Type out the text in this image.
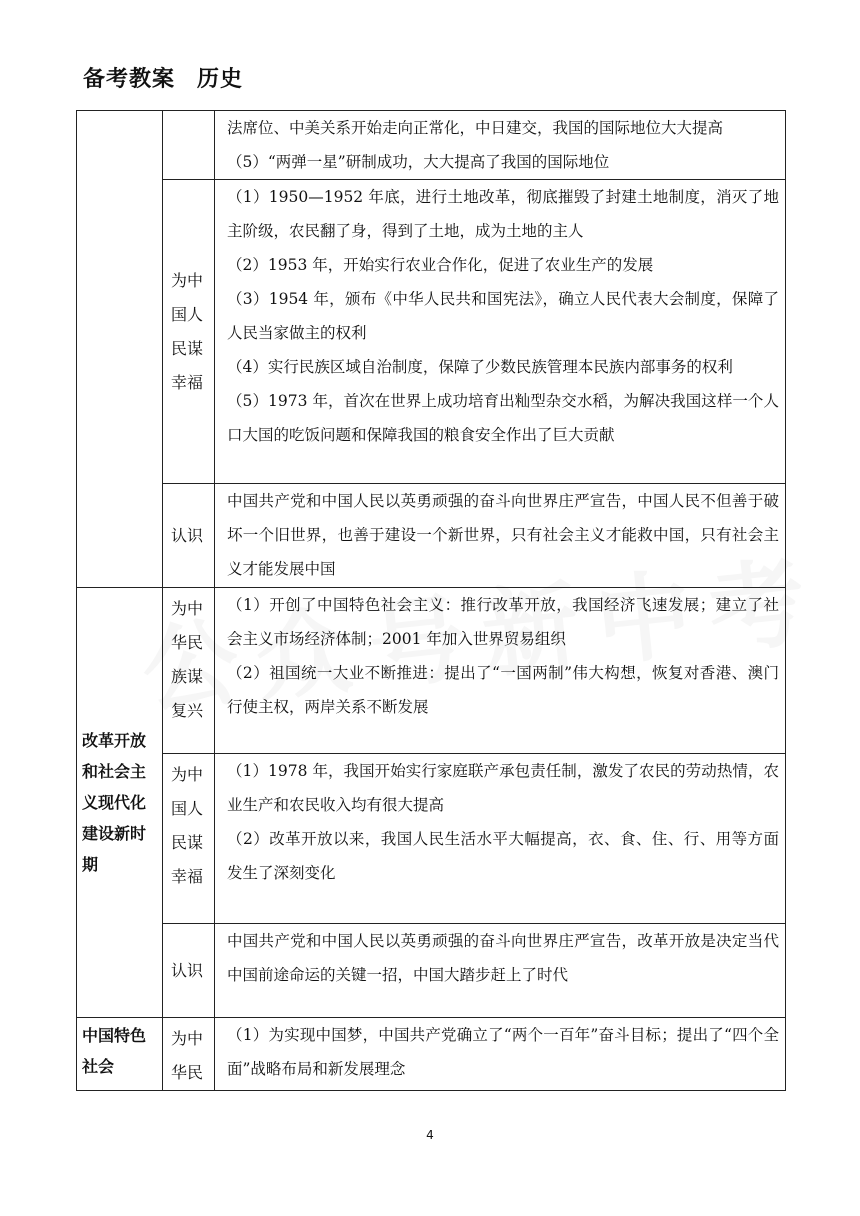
备考教案 历史

		法席位、中美关系开始走向正常化，中日建交，我国的国际地位大大提高

（5）“两弹一星”研制成功，大大提高了我国的国际地位

	为中国人民谋幸福	（1）1950—1952 年底，进行土地改革，彻底摧毁了封建土地制度，消灭了地主阶级，农民翻了身，得到了土地，成为土地的主人

（2）1953 年，开始实行农业合作化，促进了农业生产的发展

（3）1954 年，颁布《中华人民共和国宪法》，确立人民代表大会制度，保障了人民当家做主的权利

（4）实行民族区域自治制度，保障了少数民族管理本民族内部事务的权利

（5）1973 年，首次在世界上成功培育出籼型杂交水稻，为解决我国这样一个人口大国的吃饭问题和保障我国的粮食安全作出了巨大贡献

	认识	中国共产党和中国人民以英勇顽强的奋斗向世界庄严宣告，中国人民不但善于破坏一个旧世界，也善于建设一个新世界，只有社会主义才能救中国，只有社会主义才能发展中国

改革开放和社会主义现代化建设新时期	为中华民族谋复兴	（1）开创了中国特色社会主义：推行改革开放，我国经济飞速发展；建立了社会主义市场经济体制；2001 年加入世界贸易组织

（2）祖国统一大业不断推进：提出了“一国两制”伟大构想，恢复对香港、澳门行使主权，两岸关系不断发展

	为中国人民谋幸福	（1）1978 年，我国开始实行家庭联产承包责任制，激发了农民的劳动热情，农业生产和农民收入均有很大提高

（2）改革开放以来，我国人民生活水平大幅提高，衣、食、住、行、用等方面发生了深刻变化

	认识	中国共产党和中国人民以英勇顽强的奋斗向世界庄严宣告，改革开放是决定当代中国前途命运的关键一招，中国大踏步赶上了时代

中国特色社会	为中华民	（1）为实现中国梦，中国共产党确立了“两个一百年”奋斗目标；提出了“四个全面”战略布局和新发展理念

4
